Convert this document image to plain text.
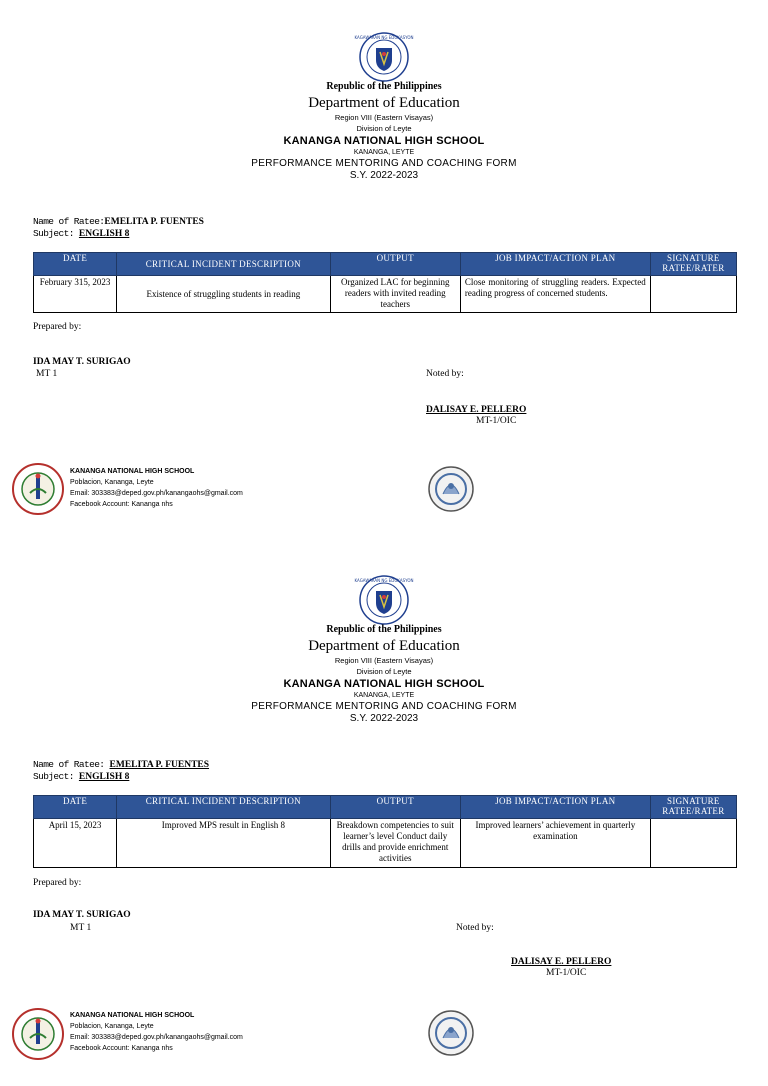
KAGAWARAN NG EDUKASYON
Republic of the Philippines
Department of Education
Region VIII (Eastern Visayas)
Division of Leyte
KANANGA NATIONAL HIGH SCHOOL
KANANGA, LEYTE
PERFORMANCE MENTORING AND COACHING FORM
S.Y. 2022-2023
Name of Ratee:EMELITA P. FUENTES
Subject: ENGLISH 8
DATE	CRITICAL INCIDENT DESCRIPTION	OUTPUT	JOB IMPACT/ACTION PLAN	SIGNATURE RATEE/RATER
February 315, 2023	Existence of struggling students in reading	Organized LAC for beginning readers with invited reading teachers	Close monitoring of struggling readers. Expected reading progress of concerned students.	
Prepared by:
IDA MAY T. SURIGAO
MT 1	Noted by:
DALISAY E. PELLERO
MT-1/OIC
KANANGA NATIONAL HIGH SCHOOL
Poblacion, Kananga, Leyte
Email: 303383@deped.gov.ph/kanangaohs@gmail.com
Facebook Account: Kananga nhs
KAGAWARAN NG EDUKASYON
Republic of the Philippines
Department of Education
Region VIII (Eastern Visayas)
Division of Leyte
KANANGA NATIONAL HIGH SCHOOL
KANANGA, LEYTE
PERFORMANCE MENTORING AND COACHING FORM
S.Y. 2022-2023
Name of Ratee: EMELITA P. FUENTES
Subject: ENGLISH 8
DATE	CRITICAL INCIDENT DESCRIPTION	OUTPUT	JOB IMPACT/ACTION PLAN	SIGNATURE RATEE/RATER
April 15, 2023	Improved MPS result in English 8	Breakdown competencies to suit learner’s level Conduct daily drills and provide enrichment activities	Improved learners’ achievement in quarterly examination	
Prepared by:
IDA MAY T. SURIGAO
MT 1	Noted by:
DALISAY E. PELLERO
MT-1/OIC
KANANGA NATIONAL HIGH SCHOOL
Poblacion, Kananga, Leyte
Email: 303383@deped.gov.ph/kanangaohs@gmail.com
Facebook Account: Kananga nhs
